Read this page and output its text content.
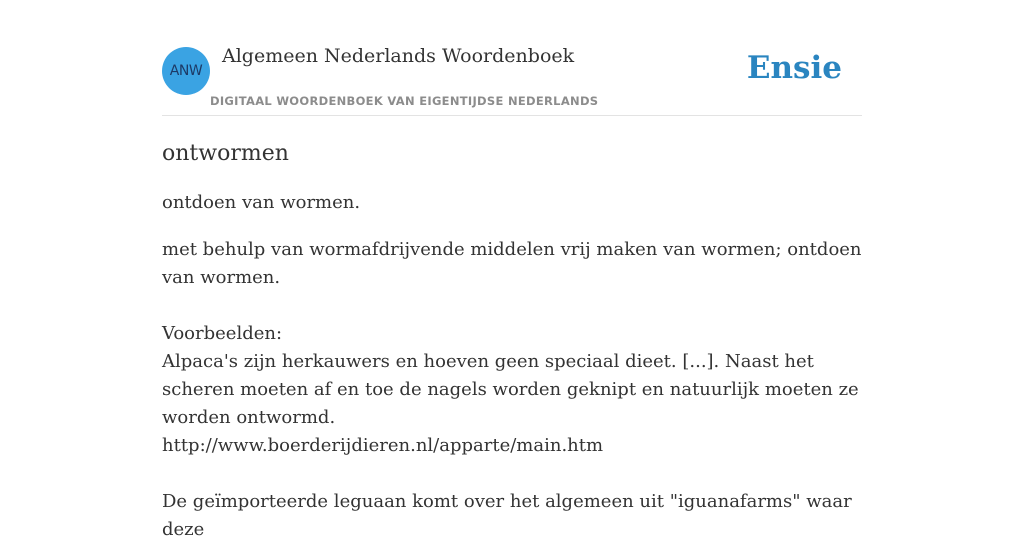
ANW
Algemeen Nederlands Woordenboek
DIGITAAL WOORDENBOEK VAN EIGENTIJDSE NEDERLANDS
Ensie
ontwormen

ontdoen van wormen.

met behulp van wormafdrijvende middelen vrij maken van wormen; ontdoen van wormen.
Voorbeelden:
Alpaca's zijn herkauwers en hoeven geen speciaal dieet. [...]. Naast het scheren moeten af en toe de nagels worden geknipt en natuurlijk moeten ze worden ontwormd.
http://www.boerderijdieren.nl/apparte/main.htm
De geïmporteerde leguaan komt over het algemeen uit "iguanafarms" waar deze
